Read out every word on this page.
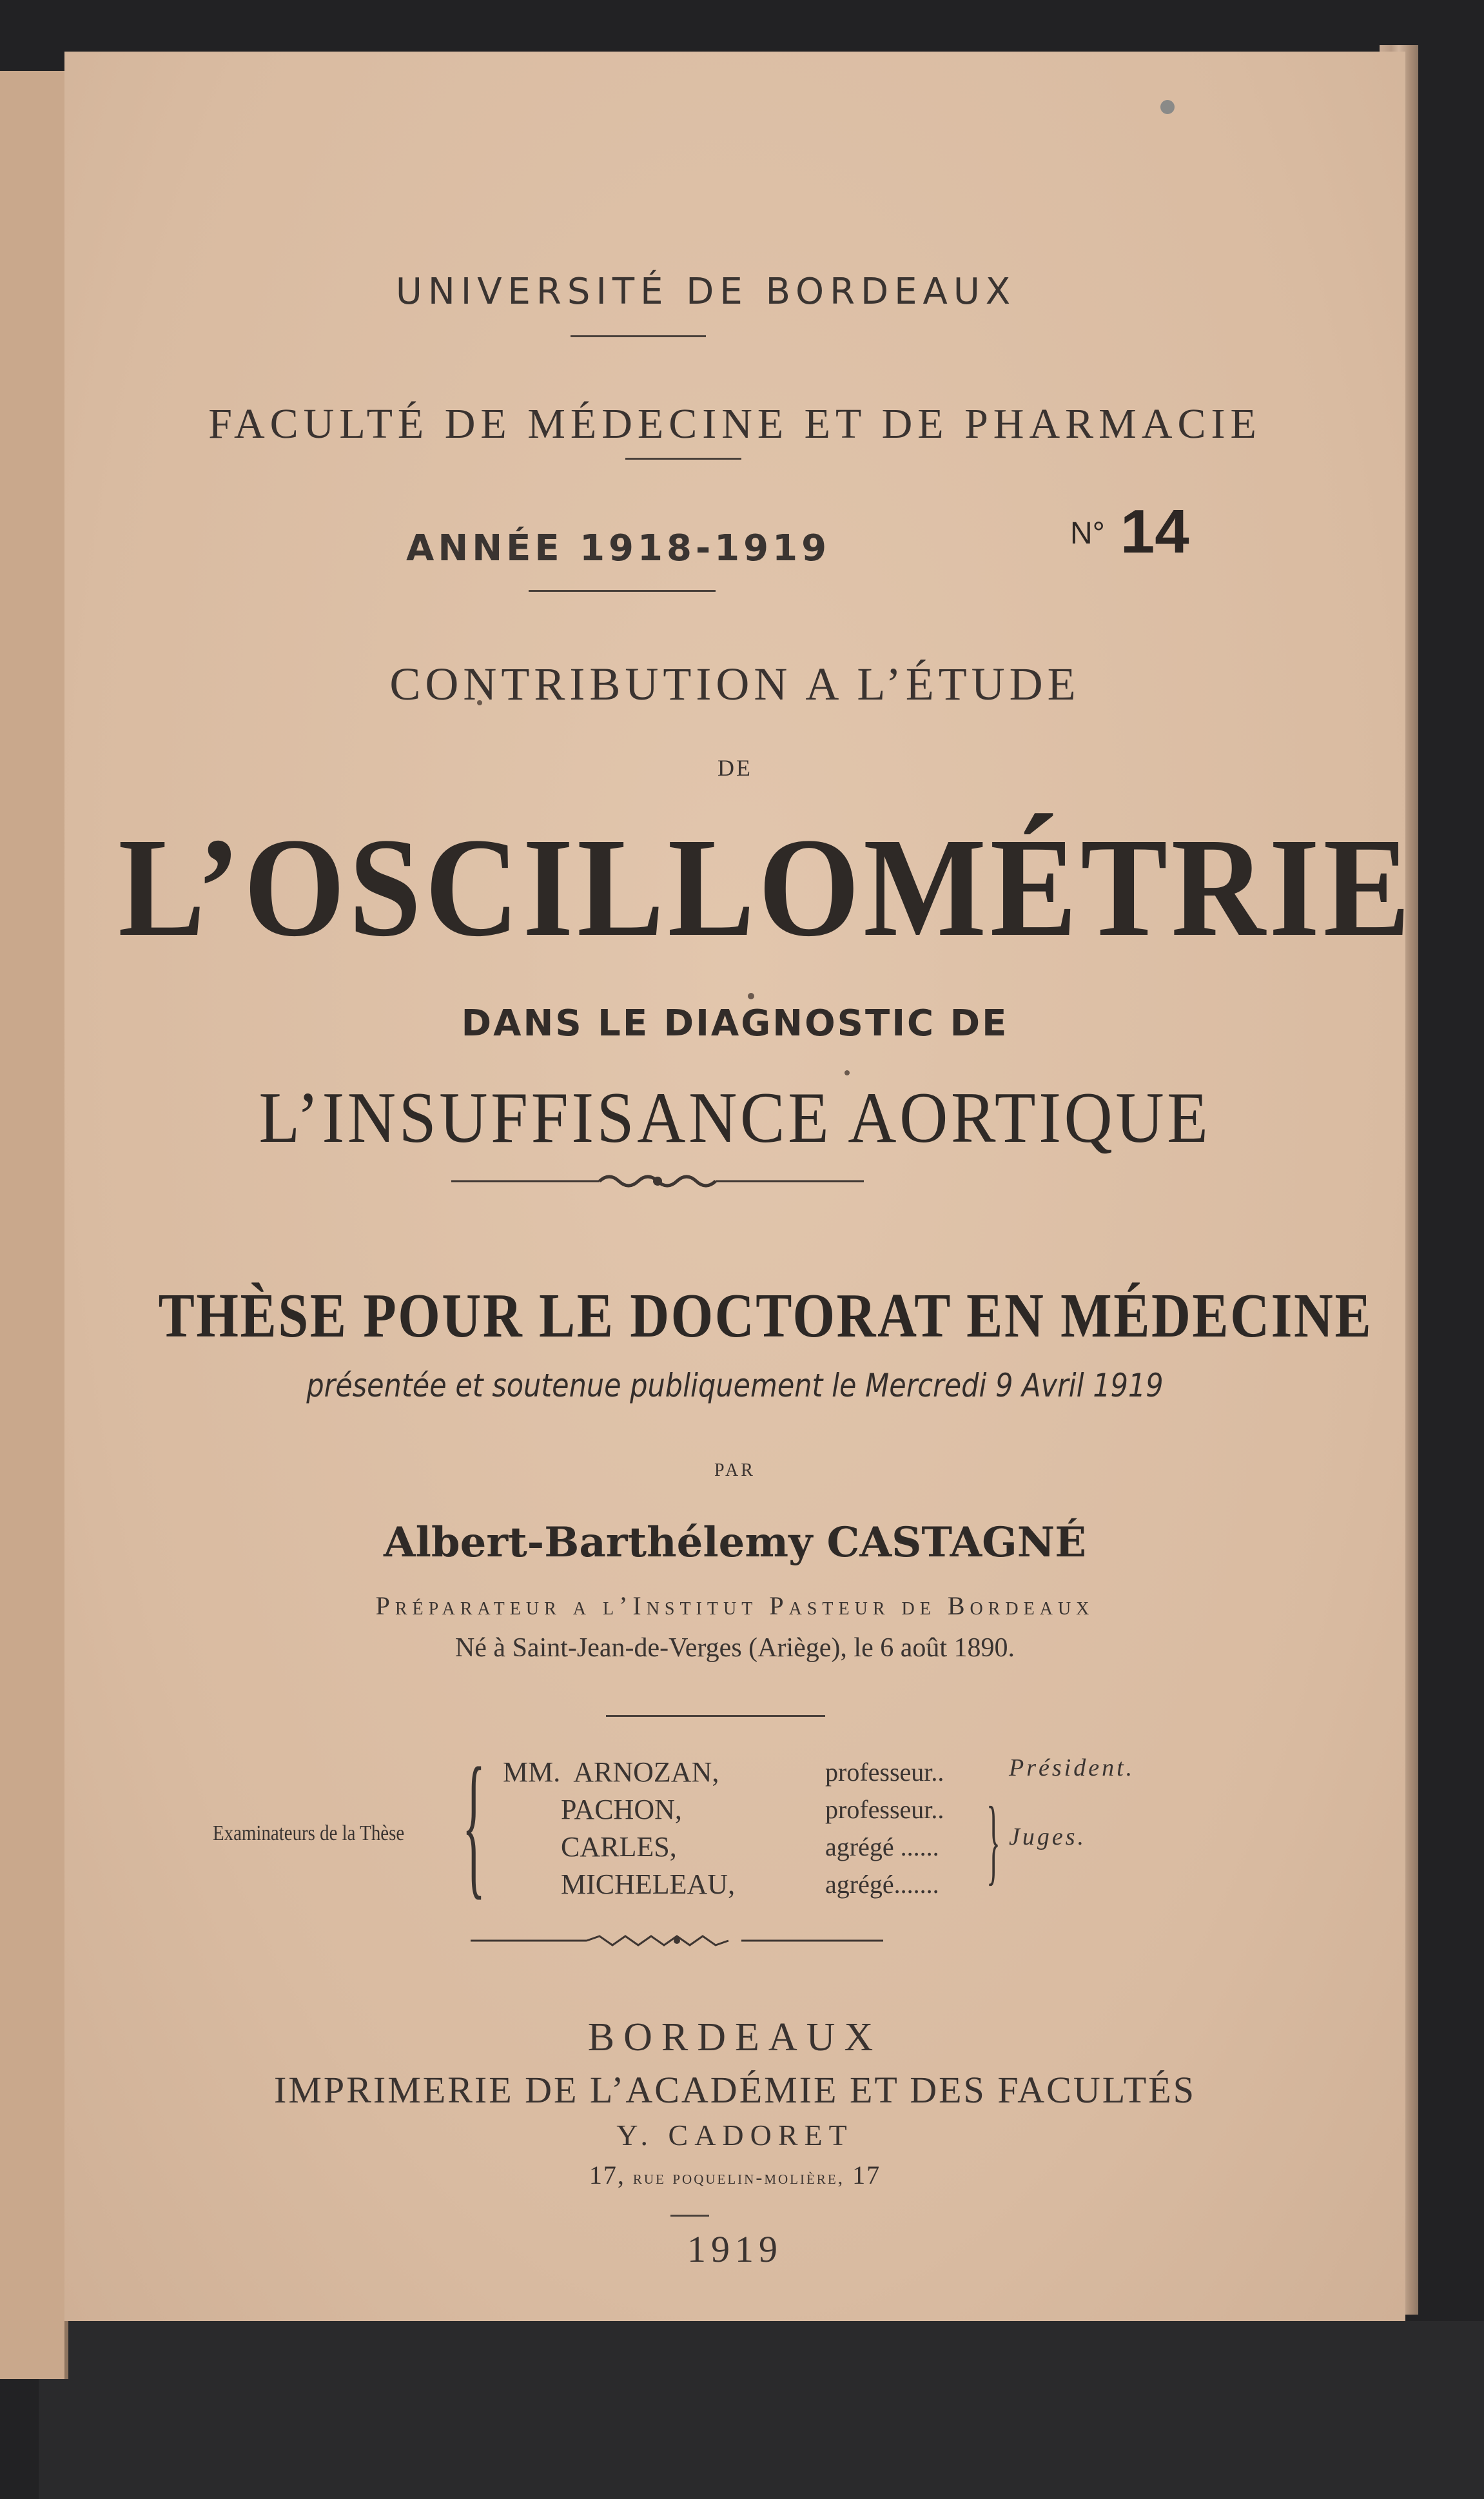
UNIVERSITÉ DE BORDEAUX
FACULTÉ DE MÉDECINE ET DE PHARMACIE
ANNÉE 1918-1919	N° 14
CONTRIBUTION A L’ÉTUDE
DE
L’OSCILLOMÉTRIE
DANS LE DIAGNOSTIC DE
L’INSUFFISANCE AORTIQUE
THÈSE POUR LE DOCTORAT EN MÉDECINE
présentée et soutenue publiquement le Mercredi 9 Avril 1919
PAR
Albert-Barthélemy CASTAGNÉ
Préparateur a l’Institut Pasteur de Bordeaux
Né à Saint-Jean-de-Verges (Ariège), le 6 août 1890.
Examinateurs de la Thèse { MM. ARNOZAN,
PACHON,
CARLES,
MICHELEAU,
professeur..
professeur..
agrégé ......
agrégé....... }
Président.
Juges.
BORDEAUX
IMPRIMERIE DE L’ACADÉMIE ET DES FACULTÉS
Y. CADORET
17, rue poquelin-molière, 17
1919
